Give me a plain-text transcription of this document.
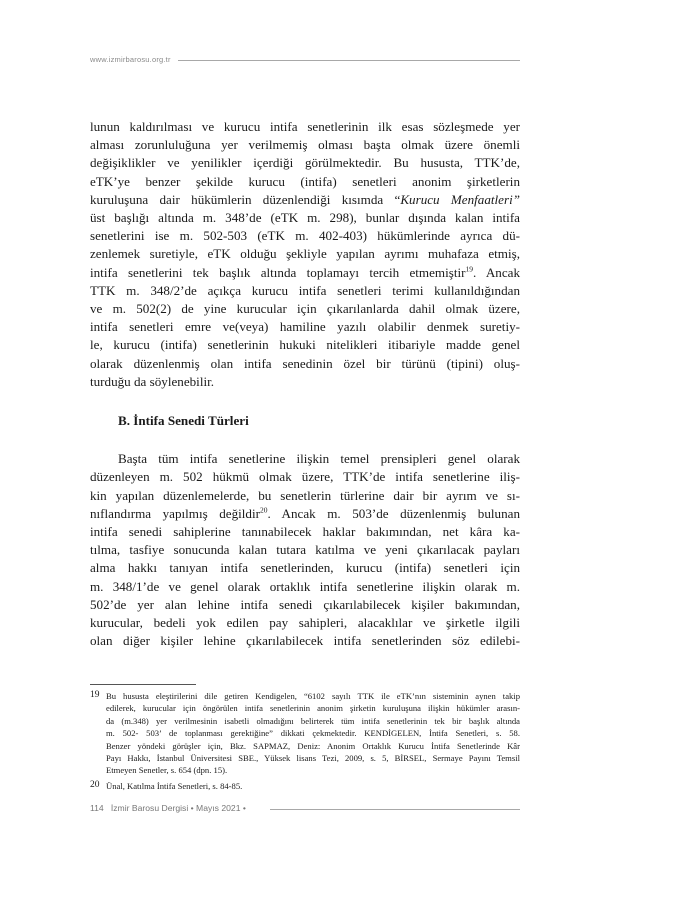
www.izmirbarosu.org.tr

lunun kaldırılması ve kurucu intifa senetlerinin ilk esas sözleşmede yer

alması zorunluluğuna yer verilmemiş olması başta olmak üzere önemli

değişiklikler ve yenilikler içerdiği görülmektedir. Bu hususta, TTK’de,

eTK’ye benzer şekilde kurucu (intifa) senetleri anonim şirketlerin

kuruluşuna dair hükümlerin düzenlendiği kısımda “Kurucu Menfaatleri”

üst başlığı altında m. 348’de (eTK m. 298), bunlar dışında kalan intifa

senetlerini ise m. 502-503 (eTK m. 402-403) hükümlerinde ayrıca dü-

zenlemek suretiyle, eTK olduğu şekliyle yapılan ayrımı muhafaza etmiş,

intifa senetlerini tek başlık altında toplamayı tercih etmemiştir$^{19}$. Ancak

TTK m. 348/2’de açıkça kurucu intifa senetleri terimi kullanıldığından

ve m. 502(2) de yine kurucular için çıkarılanlarda dahil olmak üzere,

intifa senetleri emre ve(veya) hamiline yazılı olabilir denmek suretiy-

le, kurucu (intifa) senetlerinin hukuki nitelikleri itibariyle madde genel

olarak düzenlenmiş olan intifa senedinin özel bir türünü (tipini) oluş-

turduğu da söylenebilir.

B. İntifa Senedi Türleri

Başta tüm intifa senetlerine ilişkin temel prensipleri genel olarak

düzenleyen m. 502 hükmü olmak üzere, TTK’de intifa senetlerine iliş-

kin yapılan düzenlemelerde, bu senetlerin türlerine dair bir ayrım ve sı-

nıflandırma yapılmış değildir$^{20}$. Ancak m. 503’de düzenlenmiş bulunan

intifa senedi sahiplerine tanınabilecek haklar bakımından, net kâra ka-

tılma, tasfiye sonucunda kalan tutara katılma ve yeni çıkarılacak payları

alma hakkı tanıyan intifa senetlerinden, kurucu (intifa) senetleri için

m. 348/1’de ve genel olarak ortaklık intifa senetlerine ilişkin olarak m.

502’de yer alan lehine intifa senedi çıkarılabilecek kişiler bakımından,

kurucular, bedeli yok edilen pay sahipleri, alacaklılar ve şirketle ilgili

olan diğer kişiler lehine çıkarılabilecek intifa senetlerinden söz edilebi-

19 Bu hususta eleştirilerini dile getiren Kendigelen, “6102 sayılı TTK ile eTK’nın sisteminin aynen takip
edilerek, kurucular için öngörülen intifa senetlerinin anonim şirketin kuruluşuna ilişkin hükümler arasın-
da (m.348) yer verilmesinin isabetli olmadığını belirterek tüm intifa senetlerinin tek bir başlık altında
m. 502- 503’ de toplanması gerektiğine” dikkati çekmektedir. KENDİGELEN, İntifa Senetleri, s. 58.
Benzer yöndeki görüşler için, Bkz. SAPMAZ, Deniz: Anonim Ortaklık Kurucu İntifa Senetlerinde Kâr
Payı Hakkı, İstanbul Üniversitesi SBE., Yüksek lisans Tezi, 2009, s. 5, BİRSEL, Sermaye Payını Temsil
Etmeyen Senetler, s. 654 (dpn. 15).
20 Ünal, Katılma İntifa Senetleri, s. 84-85.

114 İzmir Barosu Dergisi • Mayıs 2021 •
